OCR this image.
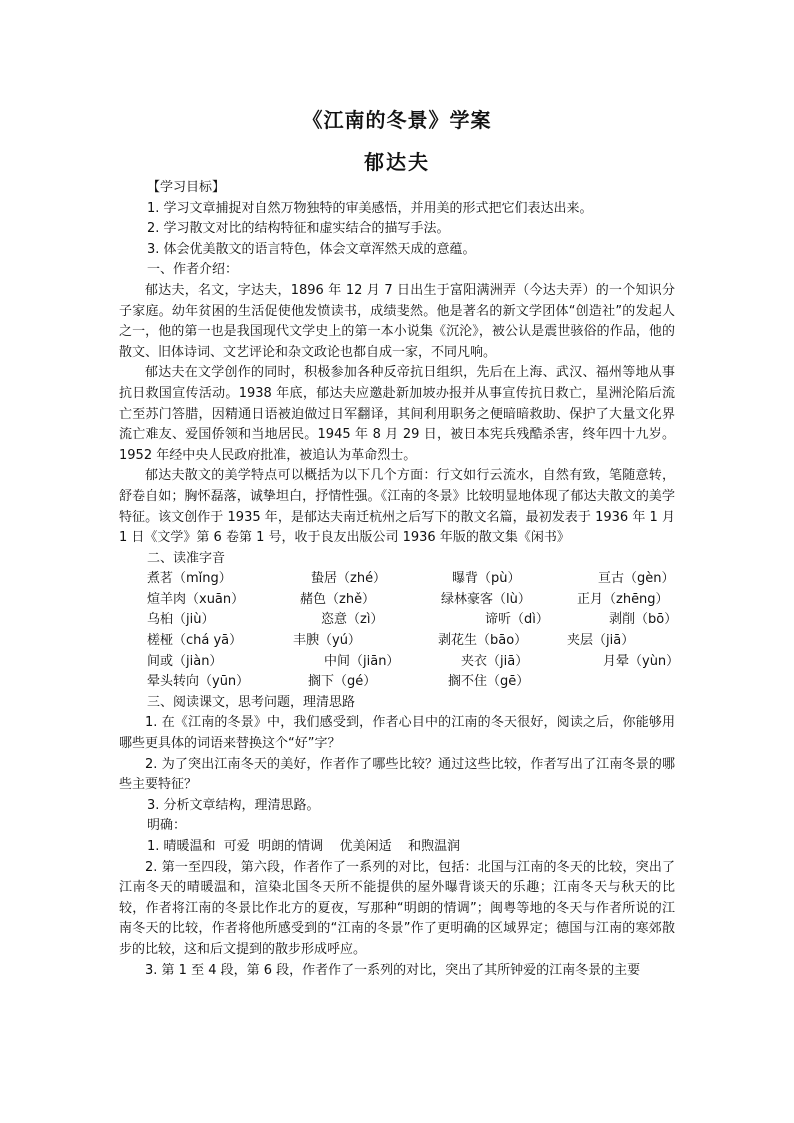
《江南的冬景》学案
郁达夫
【学习目标】
1. 学习文章捕捉对自然万物独特的审美感悟，并用美的形式把它们表达出来。
2. 学习散文对比的结构特征和虚实结合的描写手法。
3. 体会优美散文的语言特色，体会文章浑然天成的意蕴。
一、作者介绍：

郁达夫，名文，字达夫，1896 年 12 月 7 日出生于富阳满洲弄（今达夫弄）的一个知识分子家庭。幼年贫困的生活促使他发愤读书，成绩斐然。他是著名的新文学团体“创造社”的发起人之一，他的第一也是我国现代文学史上的第一本小说集《沉沦》，被公认是震世骇俗的作品，他的散文、旧体诗词、文艺评论和杂文政论也都自成一家，不同凡响。

郁达夫在文学创作的同时，积极参加各种反帝抗日组织，先后在上海、武汉、福州等地从事抗日救国宣传活动。1938 年底，郁达夫应邀赴新加坡办报并从事宣传抗日救亡，星洲沦陷后流亡至苏门答腊，因精通日语被迫做过日军翻译，其间利用职务之便暗暗救助、保护了大量文化界流亡难友、爱国侨领和当地居民。1945 年 8 月 29 日，被日本宪兵残酷杀害，终年四十九岁。1952 年经中央人民政府批准，被追认为革命烈士。

郁达夫散文的美学特点可以概括为以下几个方面：行文如行云流水，自然有致，笔随意转，舒卷自如；胸怀磊落，诚挚坦白，抒情性强。《江南的冬景》比较明显地体现了郁达夫散文的美学特征。该文创作于 1935 年，是郁达夫南迁杭州之后写下的散文名篇，最初发表于 1936 年 1 月 1 日《文学》第 6 卷第 1 号，收于良友出版公司 1936 年版的散文集《闲书》

二、读准字音
煮茗（mǐng）	蛰居（zhé）	曝背（pù）	亘古（gèn）
煊羊肉（xuān）	赭色（zhě）	绿林豪客（lù）	正月（zhēng）
乌桕（jiù）	恣意（zì）	谛听（dì）	剥削（bō）
槎桠（chá yā）	丰腴（yú）	剥花生（bāo）	夹层（jiā）
间或（jiàn）	中间（jiān）	夹衣（jiā）	月晕（yùn）
晕头转向（yūn）	搁下（gé）	搁不住（gē）
三、阅读课文，思考问题，理清思路

1. 在《江南的冬景》中，我们感受到，作者心目中的江南的冬天很好，阅读之后，你能够用哪些更具体的词语来替换这个“好”字？

2. 为了突出江南冬天的美好，作者作了哪些比较？通过这些比较，作者写出了江南冬景的哪些主要特征？

3. 分析文章结构，理清思路。
明确：
1. 晴暖温和  可爱  明朗的情调    优美闲适    和煦温润

2. 第一至四段，第六段，作者作了一系列的对比，包括：北国与江南的冬天的比较，突出了江南冬天的晴暖温和，渲染北国冬天所不能提供的屋外曝背谈天的乐趣；江南冬天与秋天的比较，作者将江南的冬景比作北方的夏夜，写那种“明朗的情调”；闽粤等地的冬天与作者所说的江南冬天的比较，作者将他所感受到的“江南的冬景”作了更明确的区域界定；德国与江南的寒郊散步的比较，这和后文提到的散步形成呼应。

3. 第 1 至 4 段，第 6 段，作者作了一系列的对比，突出了其所钟爱的江南冬景的主要
